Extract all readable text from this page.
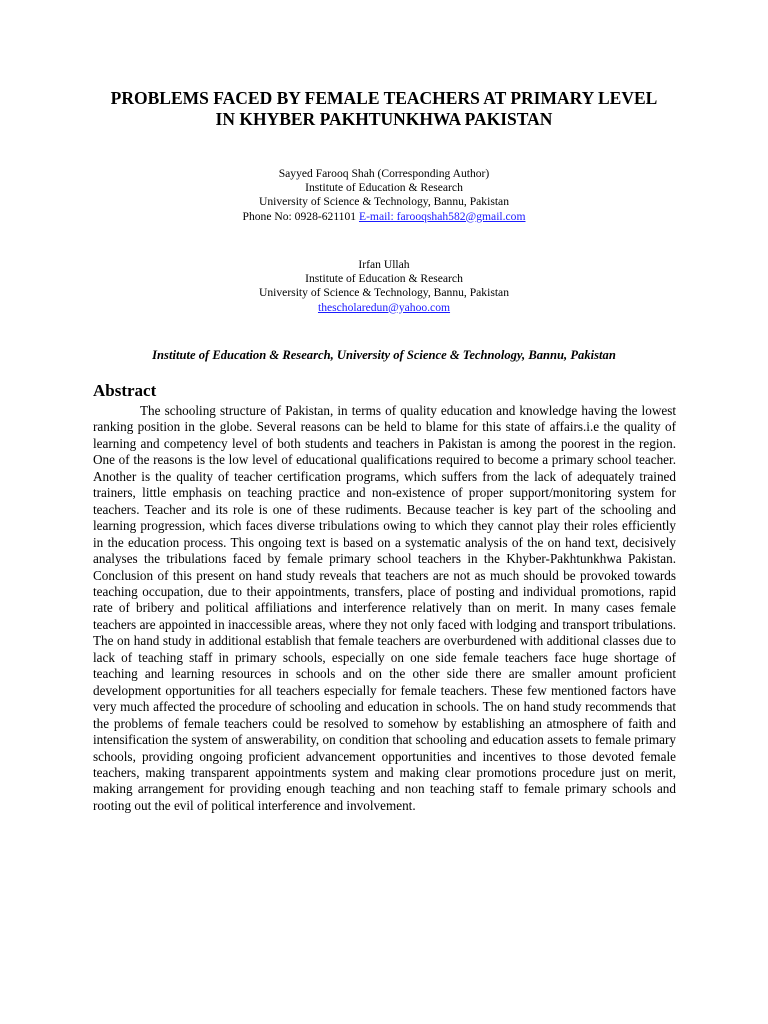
PROBLEMS FACED BY FEMALE TEACHERS AT PRIMARY LEVEL
IN KHYBER PAKHTUNKHWA PAKISTAN
Sayyed Farooq Shah (Corresponding Author)
Institute of Education & Research
University of Science & Technology, Bannu, Pakistan
Phone No: 0928-621101 E-mail: farooqshah582@gmail.com
Irfan Ullah
Institute of Education & Research
University of Science & Technology, Bannu, Pakistan
thescholaredun@yahoo.com
Institute of Education & Research, University of Science & Technology, Bannu, Pakistan
Abstract
The schooling structure of Pakistan, in terms of quality education and knowledge having the lowest ranking position in the globe. Several reasons can be held to blame for this state of affairs.i.e the quality of learning and competency level of both students and teachers in Pakistan is among the poorest in the region. One of the reasons is the low level of educational qualifications required to become a primary school teacher. Another is the quality of teacher certification programs, which suffers from the lack of adequately trained trainers, little emphasis on teaching practice and non-existence of proper support/monitoring system for teachers. Teacher and its role is one of these rudiments. Because teacher is key part of the schooling and learning progression, which faces diverse tribulations owing to which they cannot play their roles efficiently in the education process. This ongoing text is based on a systematic analysis of the on hand text, decisively analyses the tribulations faced by female primary school teachers in the Khyber-Pakhtunkhwa Pakistan. Conclusion of this present on hand study reveals that teachers are not as much should be provoked towards teaching occupation, due to their appointments, transfers, place of posting and individual promotions, rapid rate of bribery and political affiliations and interference relatively than on merit. In many cases female teachers are appointed in inaccessible areas, where they not only faced with lodging and transport tribulations. The on hand study in additional establish that female teachers are overburdened with additional classes due to lack of teaching staff in primary schools, especially on one side female teachers face huge shortage of teaching and learning resources in schools and on the other side there are smaller amount proficient development opportunities for all teachers especially for female teachers. These few mentioned factors have very much affected the procedure of schooling and education in schools. The on hand study recommends that the problems of female teachers could be resolved to somehow by establishing an atmosphere of faith and intensification the system of answerability, on condition that schooling and education assets to female primary schools, providing ongoing proficient advancement opportunities and incentives to those devoted female teachers, making transparent appointments system and making clear promotions procedure just on merit, making arrangement for providing enough teaching and non teaching staff to female primary schools and rooting out the evil of political interference and involvement.
